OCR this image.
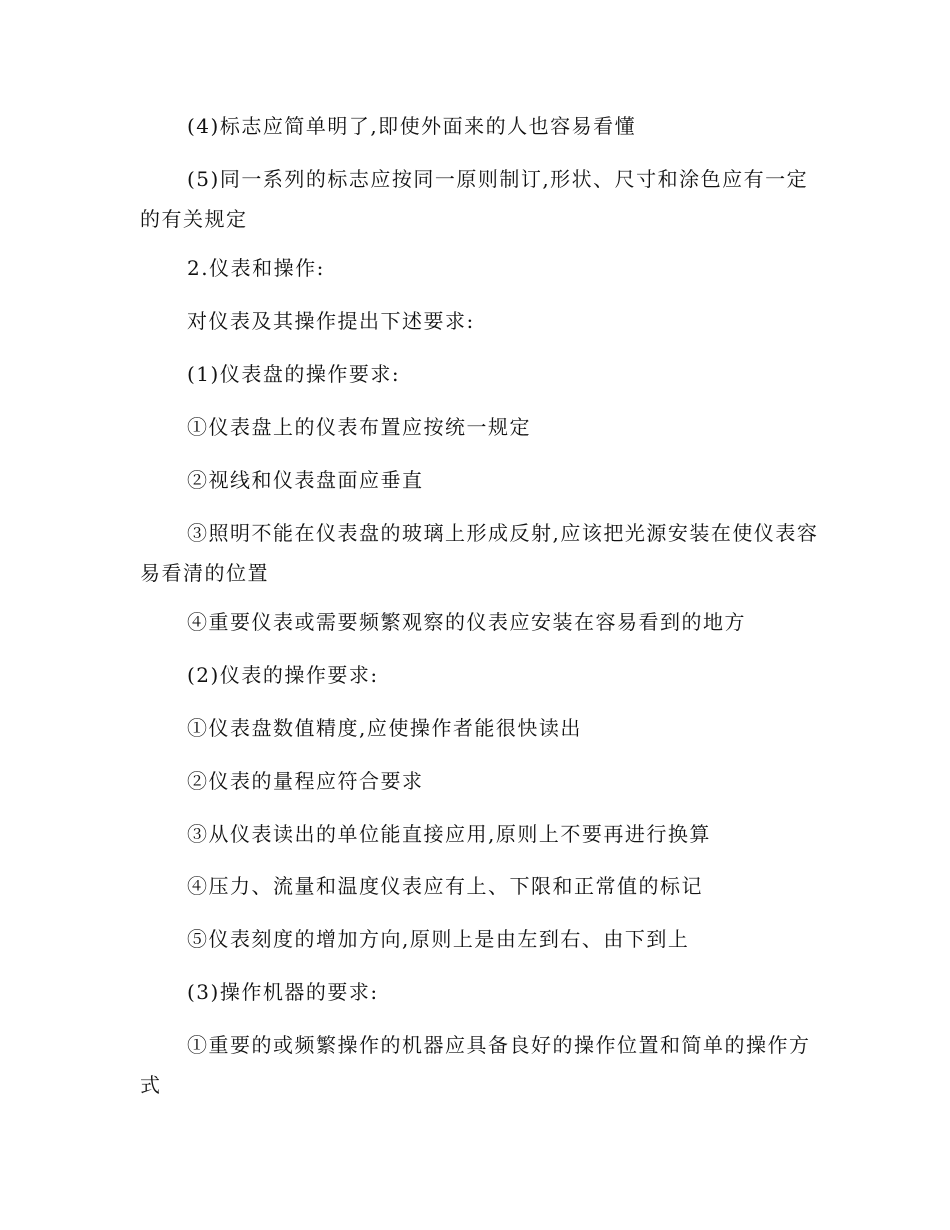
(4)标志应简单明了,即使外面来的人也容易看懂

(5)同一系列的标志应按同一原则制订,形状、尺寸和涂色应有一定的有关规定

2.仪表和操作:

对仪表及其操作提出下述要求:

(1)仪表盘的操作要求:

①仪表盘上的仪表布置应按统一规定

②视线和仪表盘面应垂直

③照明不能在仪表盘的玻璃上形成反射,应该把光源安装在使仪表容易看清的位置

④重要仪表或需要频繁观察的仪表应安装在容易看到的地方

(2)仪表的操作要求:

①仪表盘数值精度,应使操作者能很快读出

②仪表的量程应符合要求

③从仪表读出的单位能直接应用,原则上不要再进行换算

④压力、流量和温度仪表应有上、下限和正常值的标记

⑤仪表刻度的增加方向,原则上是由左到右、由下到上

(3)操作机器的要求:

①重要的或频繁操作的机器应具备良好的操作位置和简单的操作方式
